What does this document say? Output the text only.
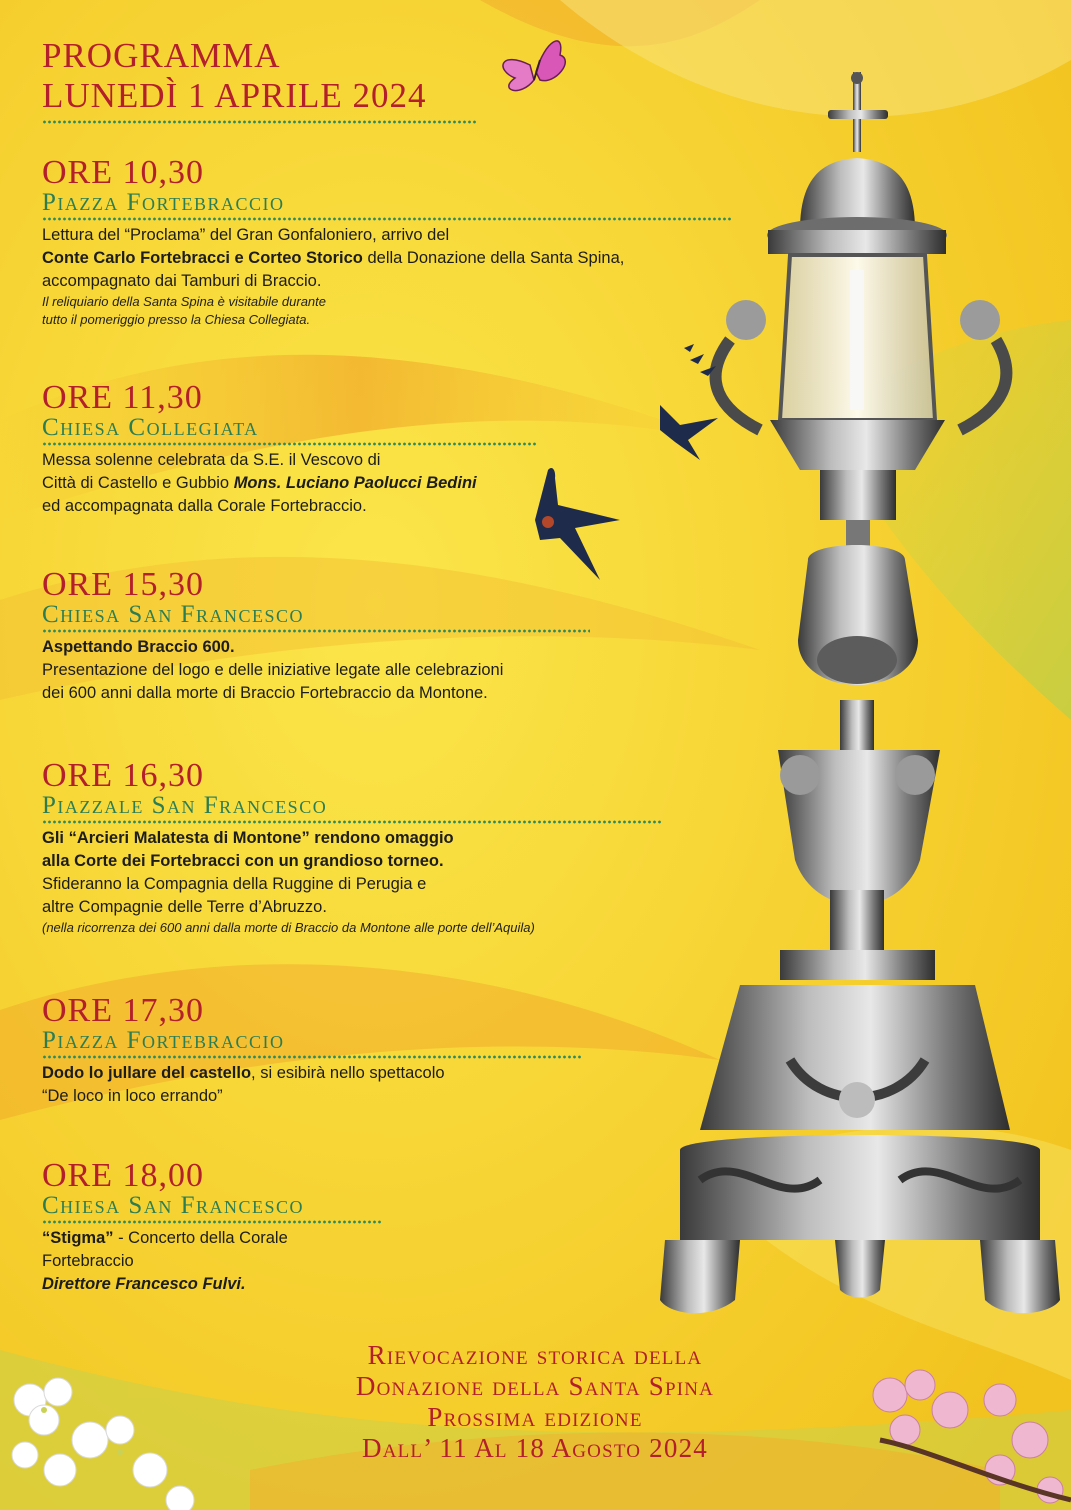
PROGRAMMA
LUNEDÌ 1 APRILE 2024
ORE 10,30
Piazza Fortebraccio
Lettura del “Proclama” del Gran Gonfaloniero, arrivo del
Conte Carlo Fortebracci e Corteo Storico della Donazione della Santa Spina,
accompagnato dai Tamburi di Braccio.
Il reliquiario della Santa Spina è visitabile durante
tutto il pomeriggio presso la Chiesa Collegiata.
ORE 11,30
Chiesa Collegiata
Messa solenne celebrata da S.E. il Vescovo di
Città di Castello e Gubbio Mons. Luciano Paolucci Bedini
ed accompagnata dalla Corale Fortebraccio.
ORE 15,30
Chiesa San Francesco
Aspettando Braccio 600.
Presentazione del logo e delle iniziative legate alle celebrazioni
dei 600 anni dalla morte di Braccio Fortebraccio da Montone.
ORE 16,30
Piazzale San Francesco
Gli “Arcieri Malatesta di Montone” rendono omaggio
alla Corte dei Fortebracci con un grandioso torneo.
Sfideranno la Compagnia della Ruggine di Perugia e
altre Compagnie delle Terre d’Abruzzo.
(nella ricorrenza dei 600 anni dalla morte di Braccio da Montone alle porte dell’Aquila)
ORE 17,30
Piazza Fortebraccio
Dodo lo jullare del castello, si esibirà nello spettacolo
“De loco in loco errando”
ORE 18,00
Chiesa San Francesco
“Stigma” - Concerto della Corale Fortebraccio
Direttore Francesco Fulvi.
Rievocazione storica della
Donazione della Santa Spina
Prossima edizione
Dall’ 11 Al 18 Agosto 2024
